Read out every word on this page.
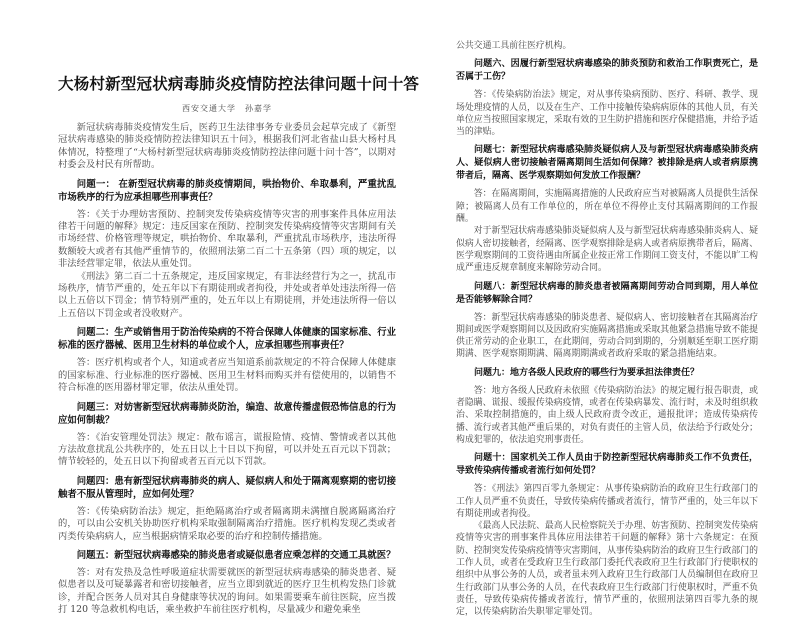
大杨村新型冠状病毒肺炎疫情防控法律问题十问十答
西安交通大学　孙嘉学

新冠状病毒肺炎疫情发生后，医药卫生法律事务专业委员会起草完成了《新型冠状病毒感染的肺炎疫情防控法律知识五十问》，根据我们河北省盐山县大杨村具体情况，特整理了“大杨村新型冠状病毒肺炎疫情防控法律问题十问十答”，以期对村委会及村民有所帮助。

问题一： 在新型冠状病毒的肺炎疫情期间，哄抬物价、牟取暴利，严重扰乱市场秩序的行为应承担哪些刑事责任？

答：《关于办理妨害预防、控制突发传染病疫情等灾害的刑事案件具体应用法律若干问题的解释》规定：违反国家在预防、控制突发传染病疫情等灾害期间有关市场经营、价格管理等规定，哄抬物价、牟取暴利，严重扰乱市场秩序，违法所得数额较大或者有其他严重情节的，依照刑法第二百二十五条第（四）项的规定，以非法经营罪定罪，依法从重处罚。

《刑法》第二百二十五条规定，违反国家规定，有非法经营行为之一，扰乱市场秩序，情节严重的，处五年以下有期徒刑或者拘役，并处或者单处违法所得一倍以上五倍以下罚金；情节特别严重的，处五年以上有期徒刑，并处违法所得一倍以上五倍以下罚金或者没收财产。

问题二：生产或销售用于防治传染病的不符合保障人体健康的国家标准、行业标准的医疗器械、医用卫生材料的单位或个人，应承担哪些刑事责任？

答：医疗机构或者个人，知道或者应当知道系前款规定的不符合保障人体健康的国家标准、行业标准的医疗器械、医用卫生材料而购买并有偿使用的，以销售不符合标准的医用器材罪定罪，依法从重处罚。

问题三：对妨害新型冠状病毒肺炎防治，编造、故意传播虚假恐怖信息的行为应如何制裁？

答：《治安管理处罚法》规定：散布谣言，谎报险情、疫情、警情或者以其他方法故意扰乱公共秩序的，处五日以上十日以下拘留，可以并处五百元以下罚款；情节较轻的，处五日以下拘留或者五百元以下罚款。

问题四：患有新型冠状病毒肺炎的病人、疑似病人和处于隔离观察期的密切接触者不服从管理时，应如何处理？

答：《传染病防治法》规定，拒绝隔离治疗或者隔离期未满擅自脱离隔离治疗的，可以由公安机关协助医疗机构采取强制隔离治疗措施。医疗机构发现乙类或者丙类传染病病人，应当根据病情采取必要的治疗和控制传播措施。

问题五：新型冠状病毒感染的肺炎患者或疑似患者应乘怎样的交通工具就医？

答：对有发热及急性呼吸道症状需要就医的新型冠状病毒感染的肺炎患者、疑似患者以及可疑暴露者和密切接触者，应当立即到就近的医疗卫生机构发热门诊就诊，并配合医务人员对其自身健康等状况的询问。如果需要乘车前往医院，应当拨打 120 等急救机构电话，乘坐救护车前往医疗机构，尽量减少和避免乘坐

公共交通工具前往医疗机构。

问题六、因履行新型冠状病毒感染的肺炎预防和救治工作职责死亡，是否属于工伤？

答：《传染病防治法》规定，对从事传染病预防、医疗、科研、教学、现场处理疫情的人员，以及在生产、工作中接触传染病病原体的其他人员，有关单位应当按照国家规定，采取有效的卫生防护措施和医疗保健措施，并给予适当的津贴。

问题七：新型冠状病毒感染肺炎疑似病人及与新型冠状病毒感染肺炎病人、疑似病人密切接触者隔离期间生活如何保障？被排除是病人或者病原携带者后，隔离、医学观察期如何发放工作报酬？

答：在隔离期间，实施隔离措施的人民政府应当对被隔离人员提供生活保障；被隔离人员有工作单位的，所在单位不得停止支付其隔离期间的工作报酬。

对于新型冠状病毒感染肺炎疑似病人及与新型冠状病毒感染肺炎病人、疑似病人密切接触者，经隔离、医学观察排除是病人或者病原携带者后，隔离、医学观察期间的工资待遇由所属企业按正常工作期间工资支付，不能以旷工构成严重违反规章制度来解除劳动合同。

问题八：新型冠状病毒的肺炎患者被隔离期间劳动合同到期，用人单位是否能够解除合同？

答：新型冠状病毒感染的肺炎患者、疑似病人、密切接触者在其隔离治疗期间或医学观察期间以及因政府实施隔离措施或采取其他紧急措施导致不能提供正常劳动的企业职工，在此期间，劳动合同到期的，分别顺延至职工医疗期期满、医学观察期期满、隔离期期满或者政府采取的紧急措施结束。

问题九：地方各级人民政府的哪些行为要承担法律责任？

答：地方各级人民政府未依照《传染病防治法》的规定履行报告职责，或者隐瞒、谎报、缓报传染病疫情，或者在传染病暴发、流行时，未及时组织救治、采取控制措施的，由上级人民政府责令改正，通报批评；造成传染病传播、流行或者其他严重后果的，对负有责任的主管人员，依法给予行政处分；构成犯罪的，依法追究刑事责任。

问题十：国家机关工作人员由于防控新型冠状病毒肺炎工作不负责任，导致传染病传播或者流行如何处罚？

答：《刑法》第四百零九条规定：从事传染病防治的政府卫生行政部门的工作人员严重不负责任，导致传染病传播或者流行，情节严重的，处三年以下有期徒刑或者拘役。

《最高人民法院、最高人民检察院关于办理、妨害预防、控制突发传染病疫情等灾害的刑事案件具体应用法律若干问题的解释》第十六条规定：在预防、控制突发传染病疫情等灾害期间，从事传染病防治的政府卫生行政部门的工作人员，或者在受政府卫生行政部门委托代表政府卫生行政部门行使职权的组织中从事公务的人员，或者虽未列入政府卫生行政部门人员编制但在政府卫生行政部门从事公务的人员，在代表政府卫生行政部门行使职权时，严重不负责任，导致传染病传播或者流行，情节严重的，依照刑法第四百零九条的规定，以传染病防治失职罪定罪处罚。
